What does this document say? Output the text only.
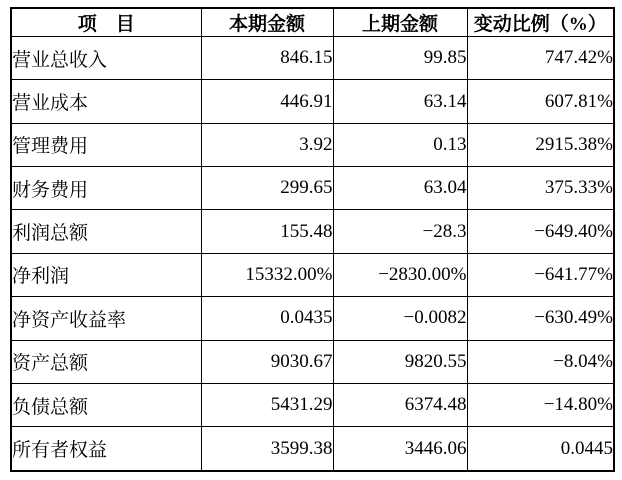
项　目	本期金额	上期金额	变动比例（%）
营业总收入	846.15	99.85	747.42%
营业成本	446.91	63.14	607.81%
管理费用	3.92	0.13	2915.38%
财务费用	299.65	63.04	375.33%
利润总额	155.48	−28.3	−649.40%
净利润	15332.00%	−2830.00%	−641.77%
净资产收益率	0.0435	−0.0082	−630.49%
资产总额	9030.67	9820.55	−8.04%
负债总额	5431.29	6374.48	−14.80%
所有者权益	3599.38	3446.06	0.0445
